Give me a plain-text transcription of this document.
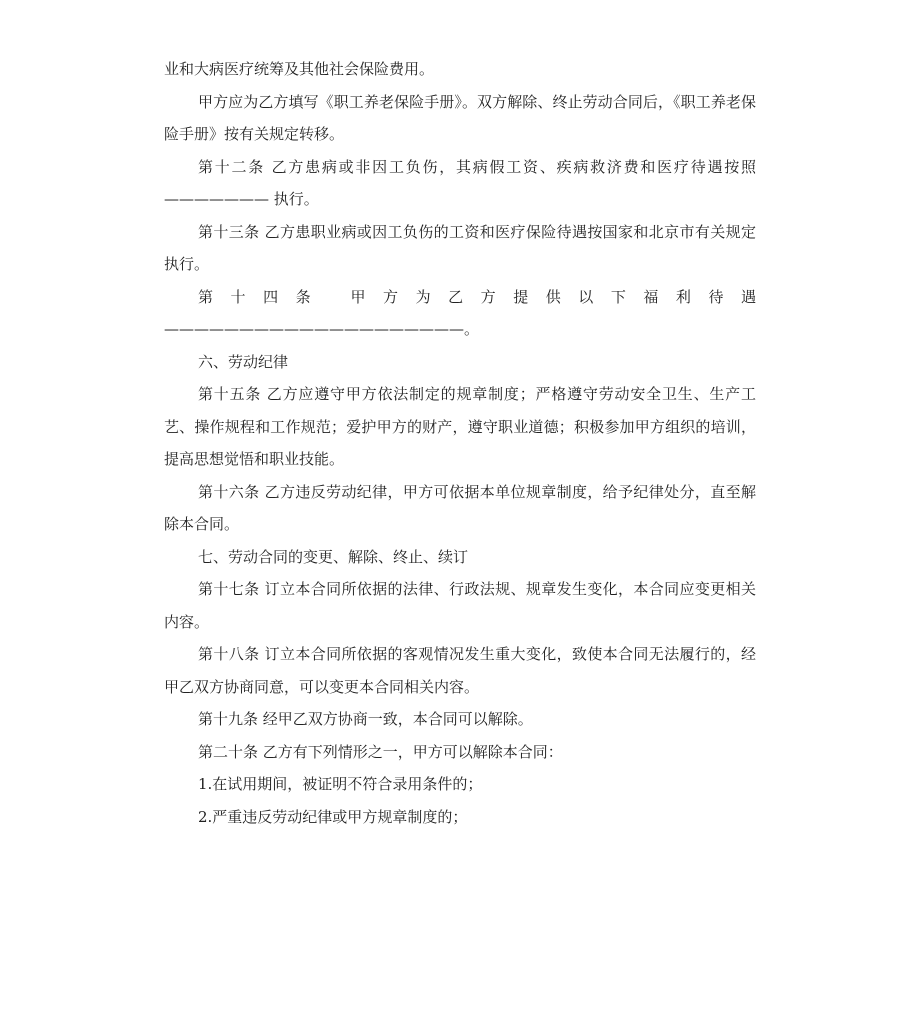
业和大病医疗统筹及其他社会保险费用。

甲方应为乙方填写《职工养老保险手册》。双方解除、终止劳动合同后，《职工养老保险手册》按有关规定转移。

第十二条 乙方患病或非因工负伤，其病假工资、疾病救济费和医疗待遇按照——————— 执行。

第十三条 乙方患职业病或因工负伤的工资和医疗保险待遇按国家和北京市有关规定执行。

第十四条 甲方为乙方提供以下福利待遇————————————————————。

六、劳动纪律

第十五条 乙方应遵守甲方依法制定的规章制度；严格遵守劳动安全卫生、生产工艺、操作规程和工作规范；爱护甲方的财产，遵守职业道德；积极参加甲方组织的培训，提高思想觉悟和职业技能。

第十六条 乙方违反劳动纪律，甲方可依据本单位规章制度，给予纪律处分，直至解除本合同。

七、劳动合同的变更、解除、终止、续订

第十七条 订立本合同所依据的法律、行政法规、规章发生变化，本合同应变更相关内容。

第十八条 订立本合同所依据的客观情况发生重大变化，致使本合同无法履行的，经甲乙双方协商同意，可以变更本合同相关内容。

第十九条 经甲乙双方协商一致，本合同可以解除。

第二十条 乙方有下列情形之一，甲方可以解除本合同：

1.在试用期间，被证明不符合录用条件的；

2.严重违反劳动纪律或甲方规章制度的；
